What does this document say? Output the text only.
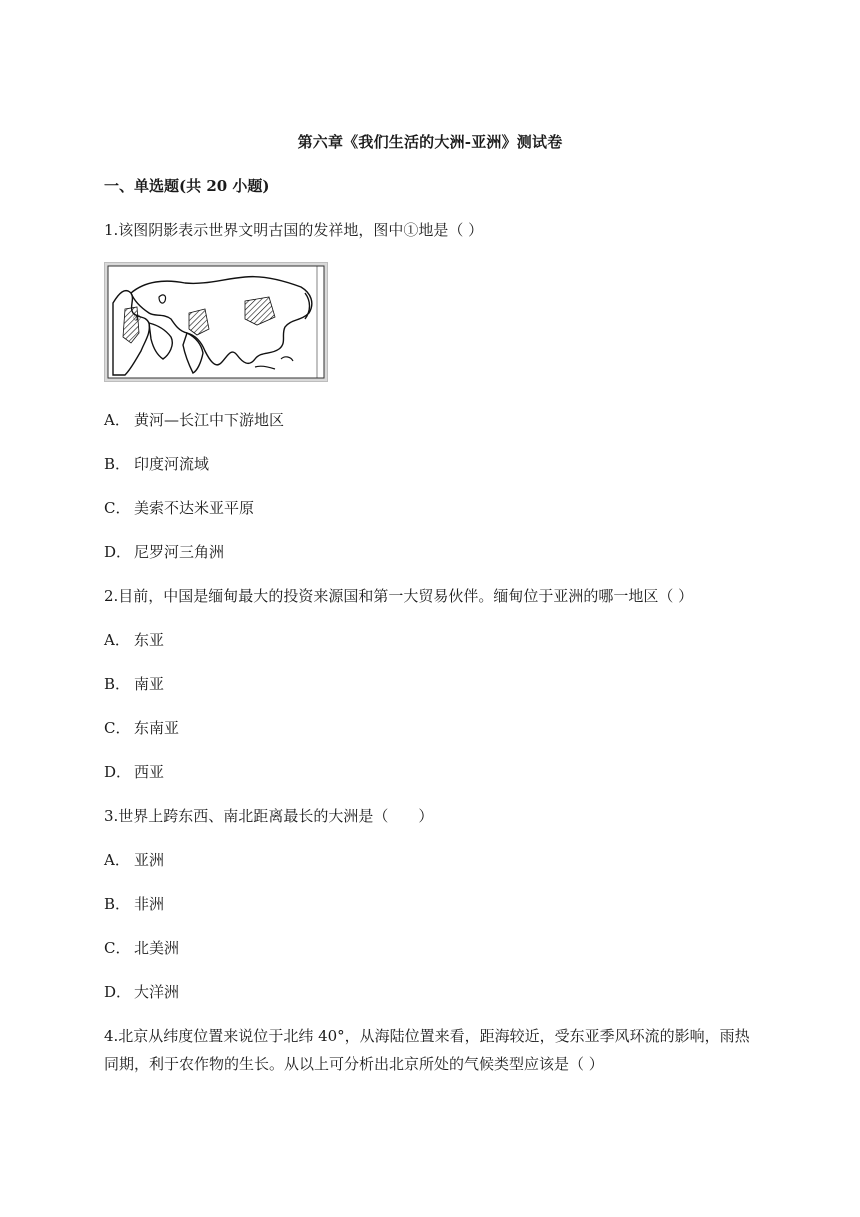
第六章《我们生活的大洲-亚洲》测试卷
一、单选题(共 20 小题)
1.该图阴影表示世界文明古国的发祥地，图中①地是（ ）
①
A． 黄河—长江中下游地区
B． 印度河流域
C． 美索不达米亚平原
D． 尼罗河三角洲
2.目前，中国是缅甸最大的投资来源国和第一大贸易伙伴。缅甸位于亚洲的哪一地区（ ）
A． 东亚
B． 南亚
C． 东南亚
D． 西亚
3.世界上跨东西、南北距离最长的大洲是（　　）
A． 亚洲
B． 非洲
C． 北美洲
D． 大洋洲
4.北京从纬度位置来说位于北纬 40°，从海陆位置来看，距海较近，受东亚季风环流的影响，雨热
同期，利于农作物的生长。从以上可分析出北京所处的气候类型应该是（ ）
